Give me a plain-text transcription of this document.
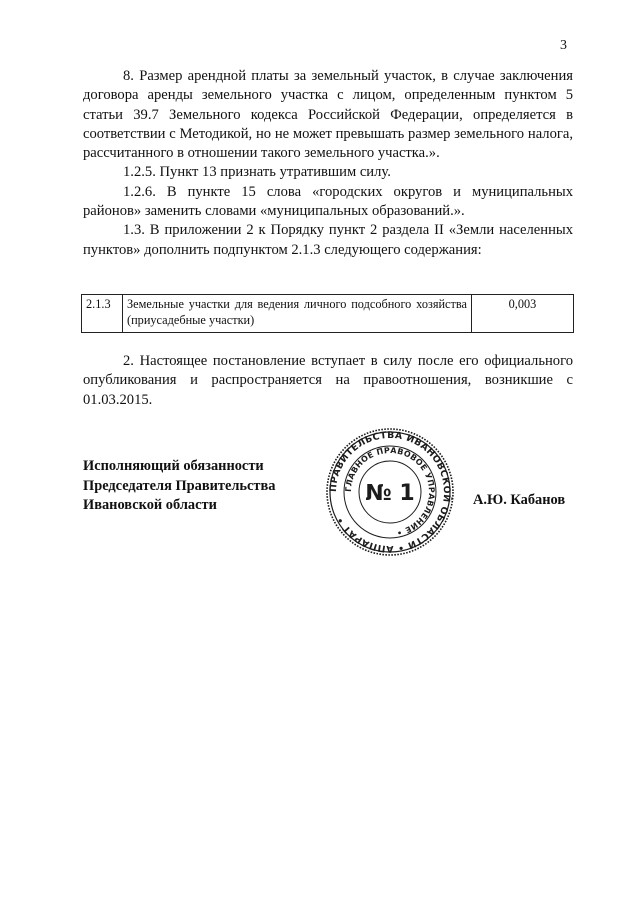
3

8. Размер арендной платы за земельный участок, в случае заключения договора аренды земельного участка с лицом, определенным пунктом 5 статьи 39.7 Земельного кодекса Российской Федерации, определяется в соответствии с Методикой, но не может превышать размер земельного налога, рассчитанного в отношении такого земельного участка.».

1.2.5. Пункт 13 признать утратившим силу.

1.2.6. В пункте 15 слова «городских округов и муниципальных районов» заменить словами «муниципальных образований.».

1.3. В приложении 2 к Порядку пункт 2 раздела II «Земли населенных пунктов» дополнить подпунктом 2.1.3 следующего содержания:

2.1.3	Земельные участки для ведения личного подсобного хозяйства (приусадебные участки)	0,003

2. Настоящее постановление вступает в силу после его официального опубликования и распространяется на правоотношения, возникшие с 01.03.2015.

Исполняющий обязанности
Председателя Правительства
Ивановской области	А.Ю. Кабанов
ПРАВИТЕЛЬСТВА ИВАНОВСКОЙ ОБЛАСТИ • АППАРАТ •
ГЛАВНОЕ ПРАВОВОЕ УПРАВЛЕНИЕ •
№ 1
